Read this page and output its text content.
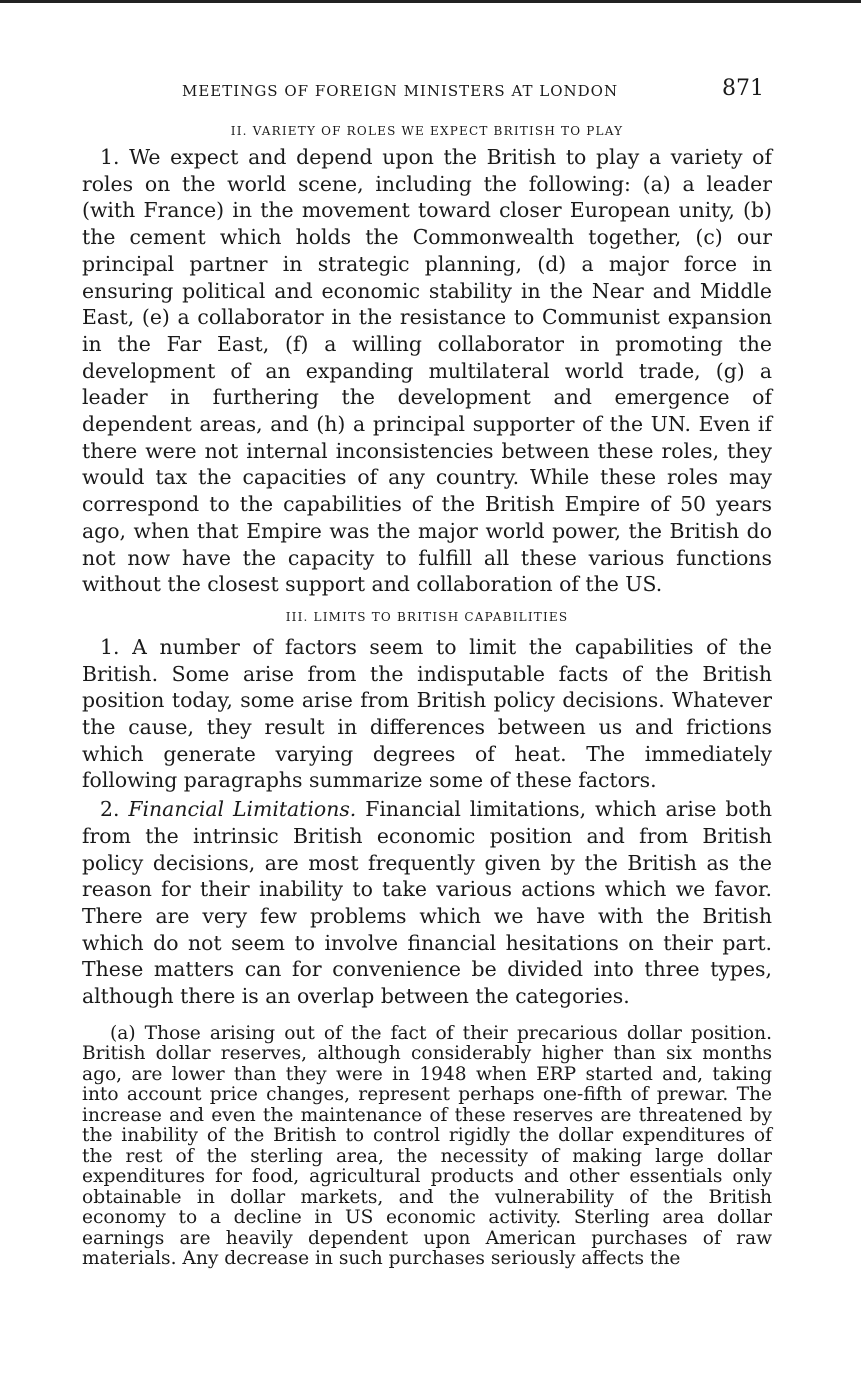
MEETINGS OF FOREIGN MINISTERS AT LONDON	871
II. VARIETY OF ROLES WE EXPECT BRITISH TO PLAY

1. We expect and depend upon the British to play a variety of roles on the world scene, including the following: (a) a leader (with France) in the movement toward closer European unity, (b) the cement which holds the Commonwealth together, (c) our principal partner in strategic planning, (d) a major force in ensuring political and economic stability in the Near and Middle East, (e) a collaborator in the resistance to Communist expansion in the Far East, (f) a willing collaborator in promoting the development of an expanding multilateral world trade, (g) a leader in furthering the development and emergence of dependent areas, and (h) a principal supporter of the UN. Even if there were not internal inconsistencies between these roles, they would tax the capacities of any country. While these roles may correspond to the capabilities of the British Empire of 50 years ago, when that Empire was the major world power, the British do not now have the capacity to fulfill all these various functions without the closest support and collaboration of the US.

III. LIMITS TO BRITISH CAPABILITIES

1. A number of factors seem to limit the capabilities of the British. Some arise from the indisputable facts of the British position today, some arise from British policy decisions. Whatever the cause, they result in differences between us and frictions which generate varying degrees of heat. The immediately following paragraphs summarize some of these factors.

2. Financial Limitations. Financial limitations, which arise both from the intrinsic British economic position and from British policy decisions, are most frequently given by the British as the reason for their inability to take various actions which we favor. There are very few problems which we have with the British which do not seem to involve financial hesitations on their part. These matters can for convenience be divided into three types, although there is an overlap between the categories.

(a) Those arising out of the fact of their precarious dollar position. British dollar reserves, although considerably higher than six months ago, are lower than they were in 1948 when ERP started and, taking into account price changes, represent perhaps one-fifth of prewar. The increase and even the maintenance of these reserves are threatened by the inability of the British to control rigidly the dollar expenditures of the rest of the sterling area, the necessity of making large dollar expenditures for food, agricultural products and other essentials only obtainable in dollar markets, and the vulnerability of the British economy to a decline in US economic activity. Sterling area dollar earnings are heavily dependent upon American purchases of raw materials. Any decrease in such purchases seriously affects the
